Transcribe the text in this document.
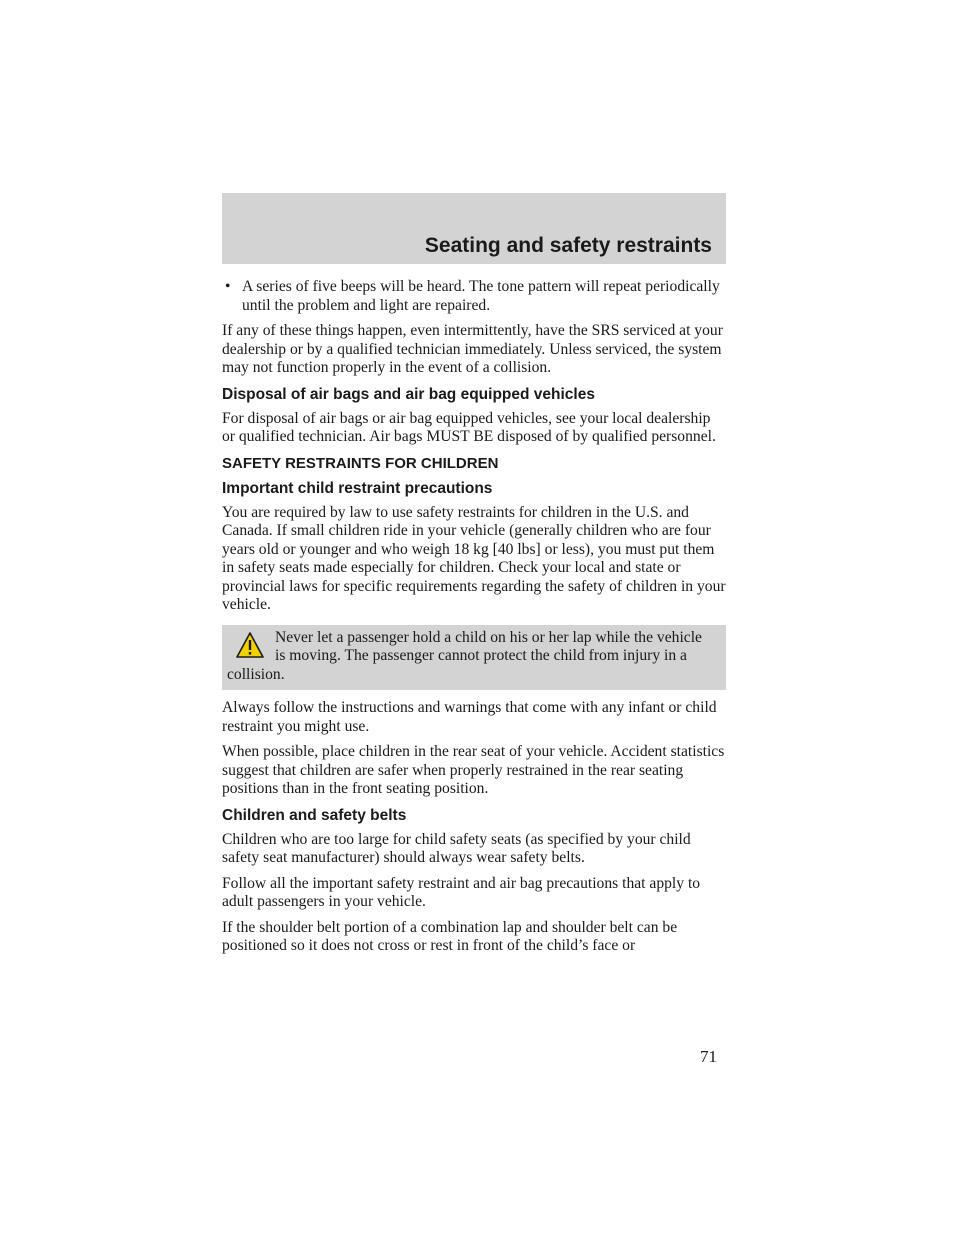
Seating and safety restraints
• A series of five beeps will be heard. The tone pattern will repeat periodically until the problem and light are repaired.

If any of these things happen, even intermittently, have the SRS serviced at your dealership or by a qualified technician immediately. Unless serviced, the system may not function properly in the event of a collision.

Disposal of air bags and air bag equipped vehicles

For disposal of air bags or air bag equipped vehicles, see your local dealership or qualified technician. Air bags MUST BE disposed of by qualified personnel.

SAFETY RESTRAINTS FOR CHILDREN
Important child restraint precautions

You are required by law to use safety restraints for children in the U.S. and Canada. If small children ride in your vehicle (generally children who are four years old or younger and who weigh 18 kg [40 lbs] or less), you must put them in safety seats made especially for children. Check your local and state or provincial laws for specific requirements regarding the safety of children in your vehicle.

Never let a passenger hold a child on his or her lap while the vehicle is moving. The passenger cannot protect the child from injury in a collision.

Always follow the instructions and warnings that come with any infant or child restraint you might use.

When possible, place children in the rear seat of your vehicle. Accident statistics suggest that children are safer when properly restrained in the rear seating positions than in the front seating position.

Children and safety belts

Children who are too large for child safety seats (as specified by your child safety seat manufacturer) should always wear safety belts.

Follow all the important safety restraint and air bag precautions that apply to adult passengers in your vehicle.

If the shoulder belt portion of a combination lap and shoulder belt can be positioned so it does not cross or rest in front of the child’s face or

71
